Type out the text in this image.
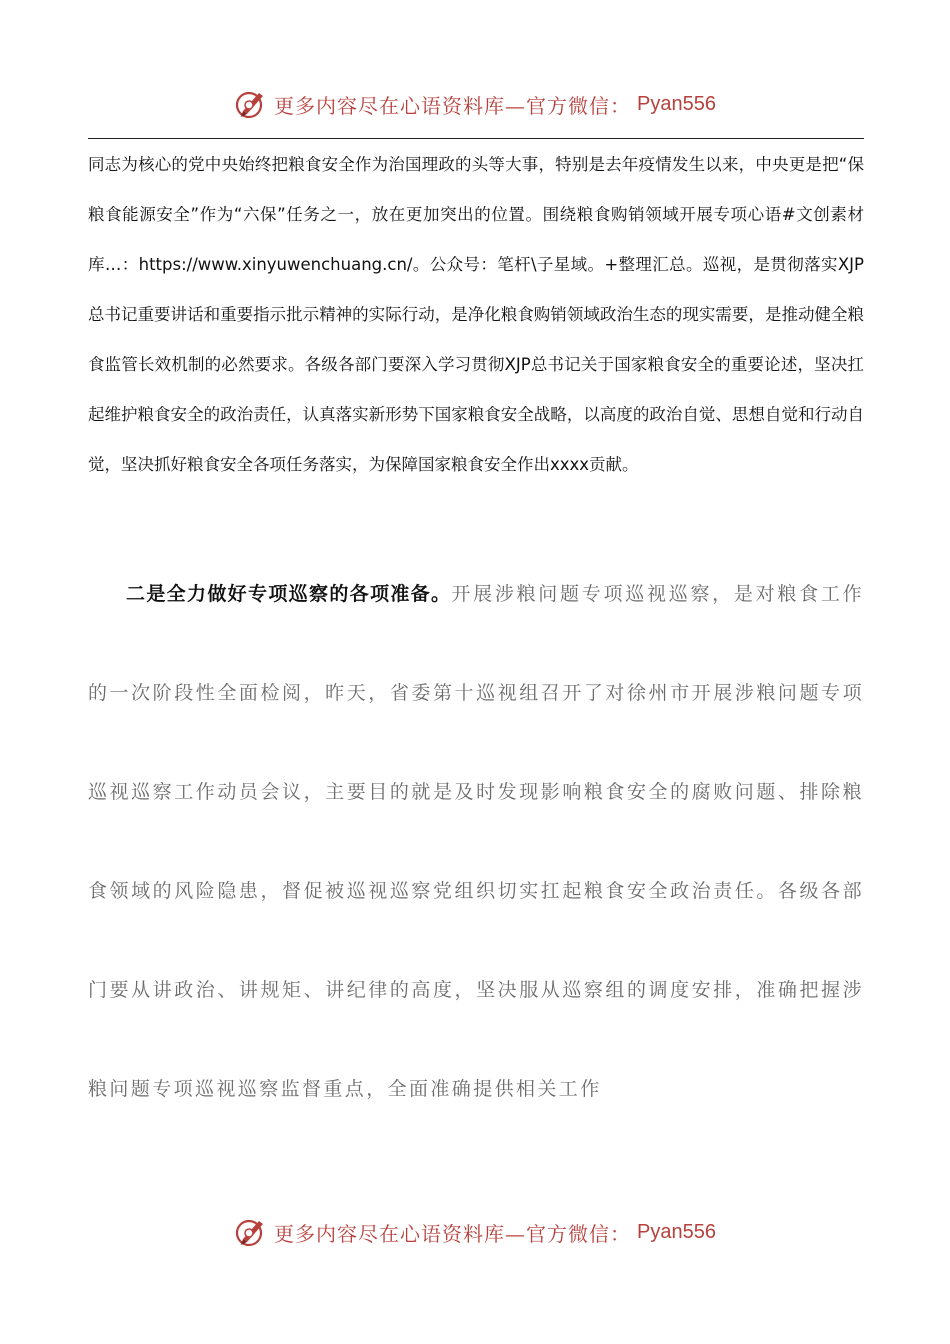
更多内容尽在心语资料库—官方微信： Pyan556

同志为核心的党中央始终把粮食安全作为治国理政的头等大事，特别是去年疫情发生以来，中央更是把“保粮食能源安全”作为“六保”任务之一，放在更加突出的位置。围绕粮食购销领域开展专项心语#文创素材库…：https://www.xinyuwenchuang.cn/。公众号：笔杆\子星域。+整理汇总。巡视，是贯彻落实XJP总书记重要讲话和重要指示批示精神的实际行动，是净化粮食购销领域政治生态的现实需要，是推动健全粮食监管长效机制的必然要求。各级各部门要深入学习贯彻XJP总书记关于国家粮食安全的重要论述，坚决扛起维护粮食安全的政治责任，认真落实新形势下国家粮食安全战略，以高度的政治自觉、思想自觉和行动自觉，坚决抓好粮食安全各项任务落实，为保障国家粮食安全作出xxxx贡献。

二是全力做好专项巡察的各项准备。开展涉粮问题专项巡视巡察，是对粮食工作的一次阶段性全面检阅，昨天，省委第十巡视组召开了对徐州市开展涉粮问题专项巡视巡察工作动员会议，主要目的就是及时发现影响粮食安全的腐败问题、排除粮食领域的风险隐患，督促被巡视巡察党组织切实扛起粮食安全政治责任。各级各部门要从讲政治、讲规矩、讲纪律的高度，坚决服从巡察组的调度安排，准确把握涉粮问题专项巡视巡察监督重点，全面准确提供相关工作

更多内容尽在心语资料库—官方微信： Pyan556
